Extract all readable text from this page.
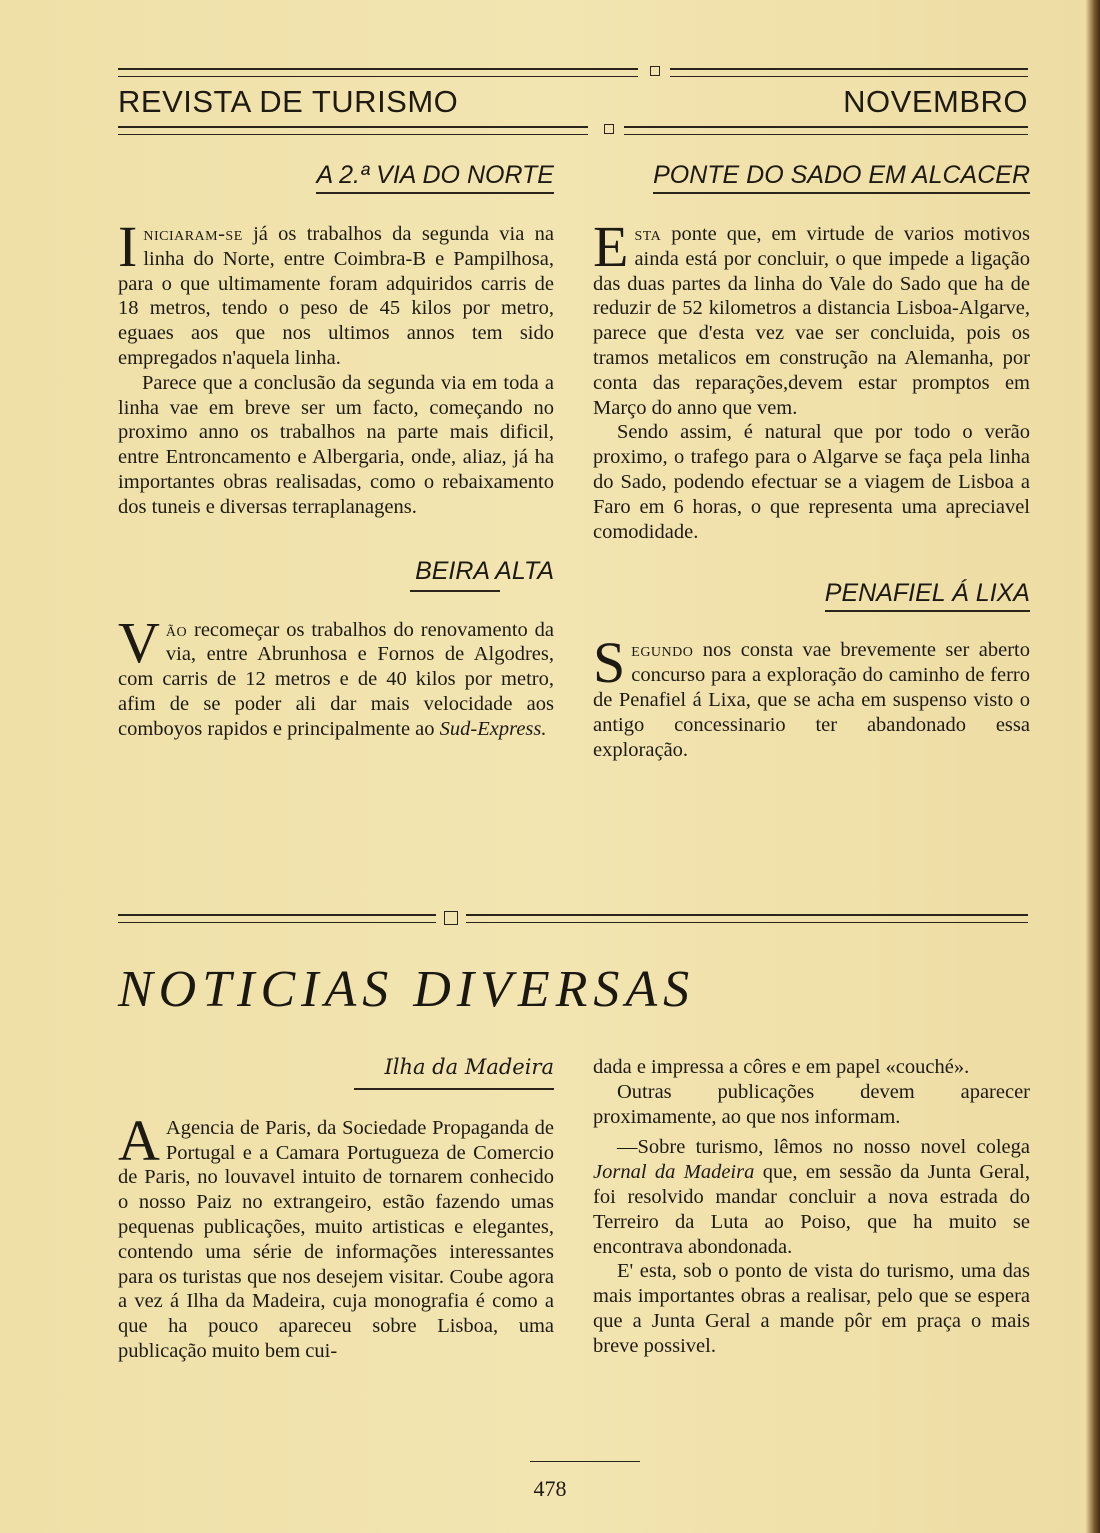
REVISTA DE TURISMO	NOVEMBRO
A 2.ª VIA DO NORTE

Iniciaram-se já os trabalhos da segunda via na linha do Norte, entre Coimbra-B e Pampilhosa, para o que ultimamente foram adquiridos carris de 18 metros, tendo o peso de 45 kilos por metro, eguaes aos que nos ultimos annos tem sido empregados n'aquela linha.

Parece que a conclusão da segunda via em toda a linha vae em breve ser um facto, começando no proximo anno os trabalhos na parte mais dificil, entre Entroncamento e Albergaria, onde, aliaz, já ha importantes obras realisadas, como o rebaixamento dos tuneis e diversas terraplanagens.

BEIRA ALTA

Vão recomeçar os trabalhos do renovamento da via, entre Abrunhosa e Fornos de Algodres, com carris de 12 metros e de 40 kilos por metro, afim de se poder ali dar mais velocidade aos comboyos rapidos e principalmente ao Sud-Express.

PONTE DO SADO EM ALCACER

Esta ponte que, em virtude de varios motivos ainda está por concluir, o que impede a ligação das duas partes da linha do Vale do Sado que ha de reduzir de 52 kilometros a distancia Lisboa-Algarve, parece que d'esta vez vae ser concluida, pois os tramos metalicos em construção na Alemanha, por conta das reparações,devem estar promptos em Março do anno que vem.

Sendo assim, é natural que por todo o verão proximo, o trafego para o Algarve se faça pela linha do Sado, podendo efectuar se a viagem de Lisboa a Faro em 6 horas, o que representa uma apreciavel comodidade.

PENAFIEL Á LIXA

Segundo nos consta vae brevemente ser aberto concurso para a exploração do caminho de ferro de Penafiel á Lixa, que se acha em suspenso visto o antigo concessinario ter abandonado essa exploração.

NOTICIAS DIVERSAS

Ilha da Madeira

A Agencia de Paris, da Sociedade Propaganda de Portugal e a Camara Portugueza de Comercio de Paris, no louvavel intuito de tornarem conhecido o nosso Paiz no extrangeiro, estão fazendo umas pequenas publicações, muito artisticas e elegantes, contendo uma série de informações interessantes para os turistas que nos desejem visitar. Coube agora a vez á Ilha da Madeira, cuja monografia é como a que ha pouco apareceu sobre Lisboa, uma publicação muito bem cui-

dada e impressa a côres e em papel «couché».

Outras publicações devem aparecer proximamente, ao que nos informam.

—Sobre turismo, lêmos no nosso novel colega Jornal da Madeira que, em sessão da Junta Geral, foi resolvido mandar concluir a nova estrada do Terreiro da Luta ao Poiso, que ha muito se encontrava abondonada.

E' esta, sob o ponto de vista do turismo, uma das mais importantes obras a realisar, pelo que se espera que a Junta Geral a mande pôr em praça o mais breve possivel.

478
